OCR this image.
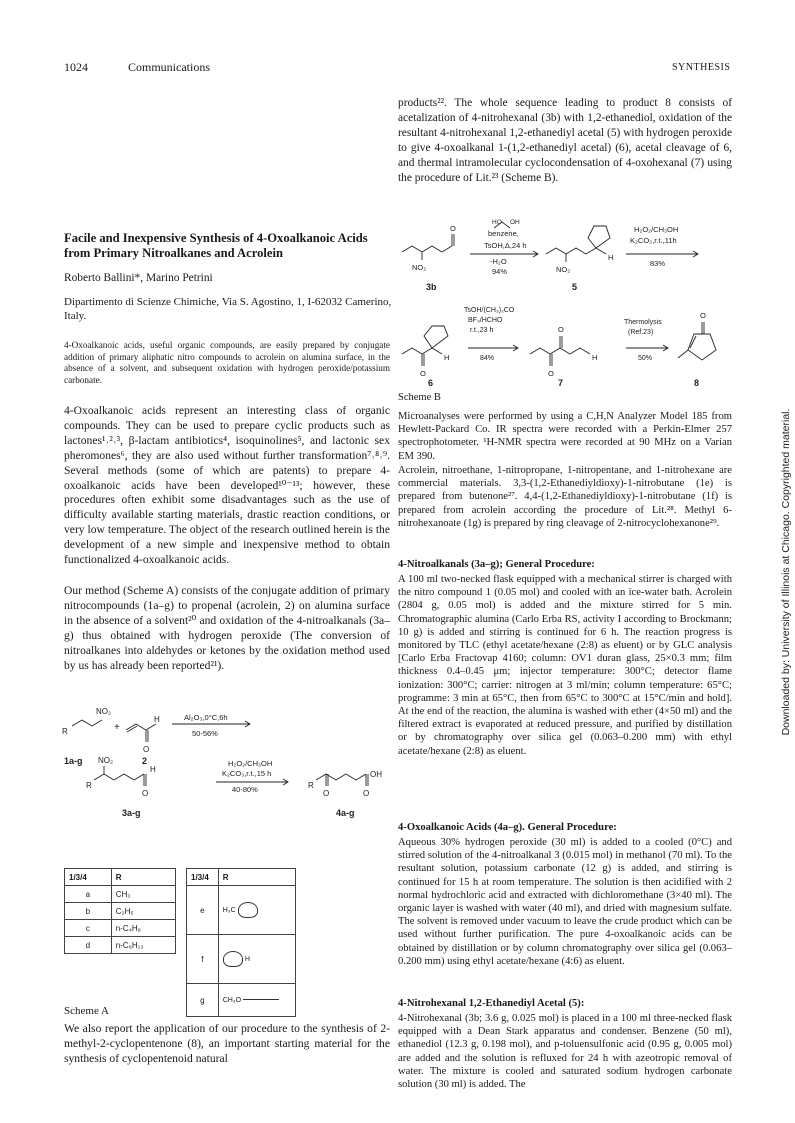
1024	Communications	SYNTHESIS

products²². The whole sequence leading to product 8 consists of acetalization of 4-nitrohexanal (3b) with 1,2-ethanediol, oxidation of the resultant 4-nitrohexanal 1,2-ethanediyl acetal (5) with hydrogen peroxide to give 4-oxoalkanal 1-(1,2-ethanediyl acetal) (6), acetal cleavage of 6, and thermal intramolecular cyclocondensation of 4-oxohexanal (7) using the procedure of Lit.²³ (Scheme B).

Facile and Inexpensive Synthesis of 4-Oxoalkanoic Acids from Primary Nitroalkanes and Acrolein
Roberto Ballini*, Marino Petrini
Dipartimento di Scienze Chimiche, Via S. Agostino, 1, I-62032 Camerino, Italy.

4-Oxoalkanoic acids, useful organic compounds, are easily prepared by conjugate addition of primary aliphatic nitro compounds to acrolein on alumina surface, in the absence of a solvent, and subsequent oxidation with hydrogen peroxide/potassium carbonate.

4-Oxoalkanoic acids represent an interesting class of organic compounds. They can be used to prepare cyclic products such as lactones¹˒²˒³, β-lactam antibiotics⁴, isoquinolines⁵, and lactonic sex pheromones⁶, they are also used without further transformation⁷˒⁸˒⁹. Several methods (some of which are patents) to prepare 4-oxoalkanoic acids have been developed¹⁰⁻¹³; however, these procedures often exhibit some disadvantages such as the use of difficulty available starting materials, drastic reaction conditions, or very low temperature. The object of the research outlined herein is the development of a new simple and inexpensive method to obtain functionalized 4-oxoalkanoic acids.

Our method (Scheme A) consists of the conjugate addition of primary nitrocompounds (1a–g) to propenal (acrolein, 2) on alumina surface in the absence of a solvent²⁰ and oxidation of the 4-nitroalkanals (3a–g) thus obtained with hydrogen peroxide (The conversion of nitroalkanes into aldehydes or ketones by the oxidation method used by us has already been reported²¹).

R
NO₂
+
H
O
Al₂O₃,0°C,6h
50-56%
1a-g	2
NO₂
R
H
O
H₂O₂/CH₃OH
K₂CO₃,r.t.,15 h
40-80%	R
O	O
OH
3a-g	4a-g
1/3/4	R
a	CH₃
b	C₂H₅
c	n-C₄H₉
d	n-C₆H₁₃
1/3/4	R
e	H₃C
f	H
g	CH₃O
Scheme A

We also report the application of our procedure to the synthesis of 2-methyl-2-cyclopentenone (8), an important starting material for the synthesis of cyclopentenoid natural

HO OH
benzene,
TsOH,Δ,24 h
-H₂O
94%
H₂O₂/CH₃OH
K₂CO₃,r.t.,11h
83%
TsOH/(CH₃)₂CO
BF₃/HCHO
r.t.,23 h
84%
Thermolysis
(Ref.23)
50%
NO₂
O
NO₂
H
H
O
H
O
O
O
3b	5
6	7	8
Scheme B

Microanalyses were performed by using a C,H,N Analyzer Model 185 from Hewlett-Packard Co. IR spectra were recorded with a Perkin-Elmer 257 spectrophotometer. ¹H-NMR spectra were recorded at 90 MHz on a Varian EM 390.

Acrolein, nitroethane, 1-nitropropane, 1-nitropentane, and 1-nitrohexane are commercial materials. 3,3-(1,2-Ethanediyldioxy)-1-nitrobutane (1e) is prepared from butenone²⁷. 4,4-(1,2-Ethanediyldioxy)-1-nitrobutane (1f) is prepared from acrolein according the procedure of Lit.²⁸. Methyl 6-nitrohexanoate (1g) is prepared by ring cleavage of 2-nitrocyclohexanone²⁹.

4-Nitroalkanals (3a–g); General Procedure:

A 100 ml two-necked flask equipped with a mechanical stirrer is charged with the nitro compound 1 (0.05 mol) and cooled with an ice-water bath. Acrolein (2804 g, 0.05 mol) is added and the mixture stirred for 5 min. Chromatographic alumina (Carlo Erba RS, activity I according to Brockmann; 10 g) is added and stirring is continued for 6 h. The reaction progress is monitored by TLC (ethyl acetate/hexane (2:8) as eluent) or by GLC analysis [Carlo Erba Fractovap 4160; column: OV1 duran glass, 25×0.3 mm; film thickness 0.4–0.45 μm; injector temperature: 300°C; detector flame ionization: 300°C; carrier: nitrogen at 3 ml/min; column temperature: 65°C; programme: 3 min at 65°C, then from 65°C to 300°C at 15°C/min and hold]. At the end of the reaction, the alumina is washed with ether (4×50 ml) and the filtered extract is evaporated at reduced pressure, and purified by distillation or by chromatography over silica gel (0.063–0.200 mm) with ethyl acetate/hexane (2:8) as eluent.

4-Oxoalkanoic Acids (4a–g). General Procedure:

Aqueous 30% hydrogen peroxide (30 ml) is added to a cooled (0°C) and stirred solution of the 4-nitroalkanal 3 (0.015 mol) in methanol (70 ml). To the resultant solution, potassium carbonate (12 g) is added, and stirring is continued for 15 h at room temperature. The solution is then acidified with 2 normal hydrochloric acid and extracted with dichloromethane (3×40 ml). The organic layer is washed with water (40 ml), and dried with magnesium sulfate. The solvent is removed under vacuum to leave the crude product which can be used without further purification. The pure 4-oxoalkanoic acids can be obtained by distillation or by column chromatography over silica gel (0.063–0.200 mm) using ethyl acetate/hexane (4:6) as eluent.

4-Nitrohexanal 1,2-Ethanediyl Acetal (5):

4-Nitrohexanal (3b; 3.6 g, 0.025 mol) is placed in a 100 ml three-necked flask equipped with a Dean Stark apparatus and condenser. Benzene (50 ml), ethanediol (12.3 g, 0.198 mol), and p-toluensulfonic acid (0.95 g, 0.005 mol) are added and the solution is refluxed for 24 h with azeotropic removal of water. The mixture is cooled and saturated sodium hydrogen carbonate solution (30 ml) is added. The

Downloaded by: University of Illinois at Chicago. Copyrighted material.
